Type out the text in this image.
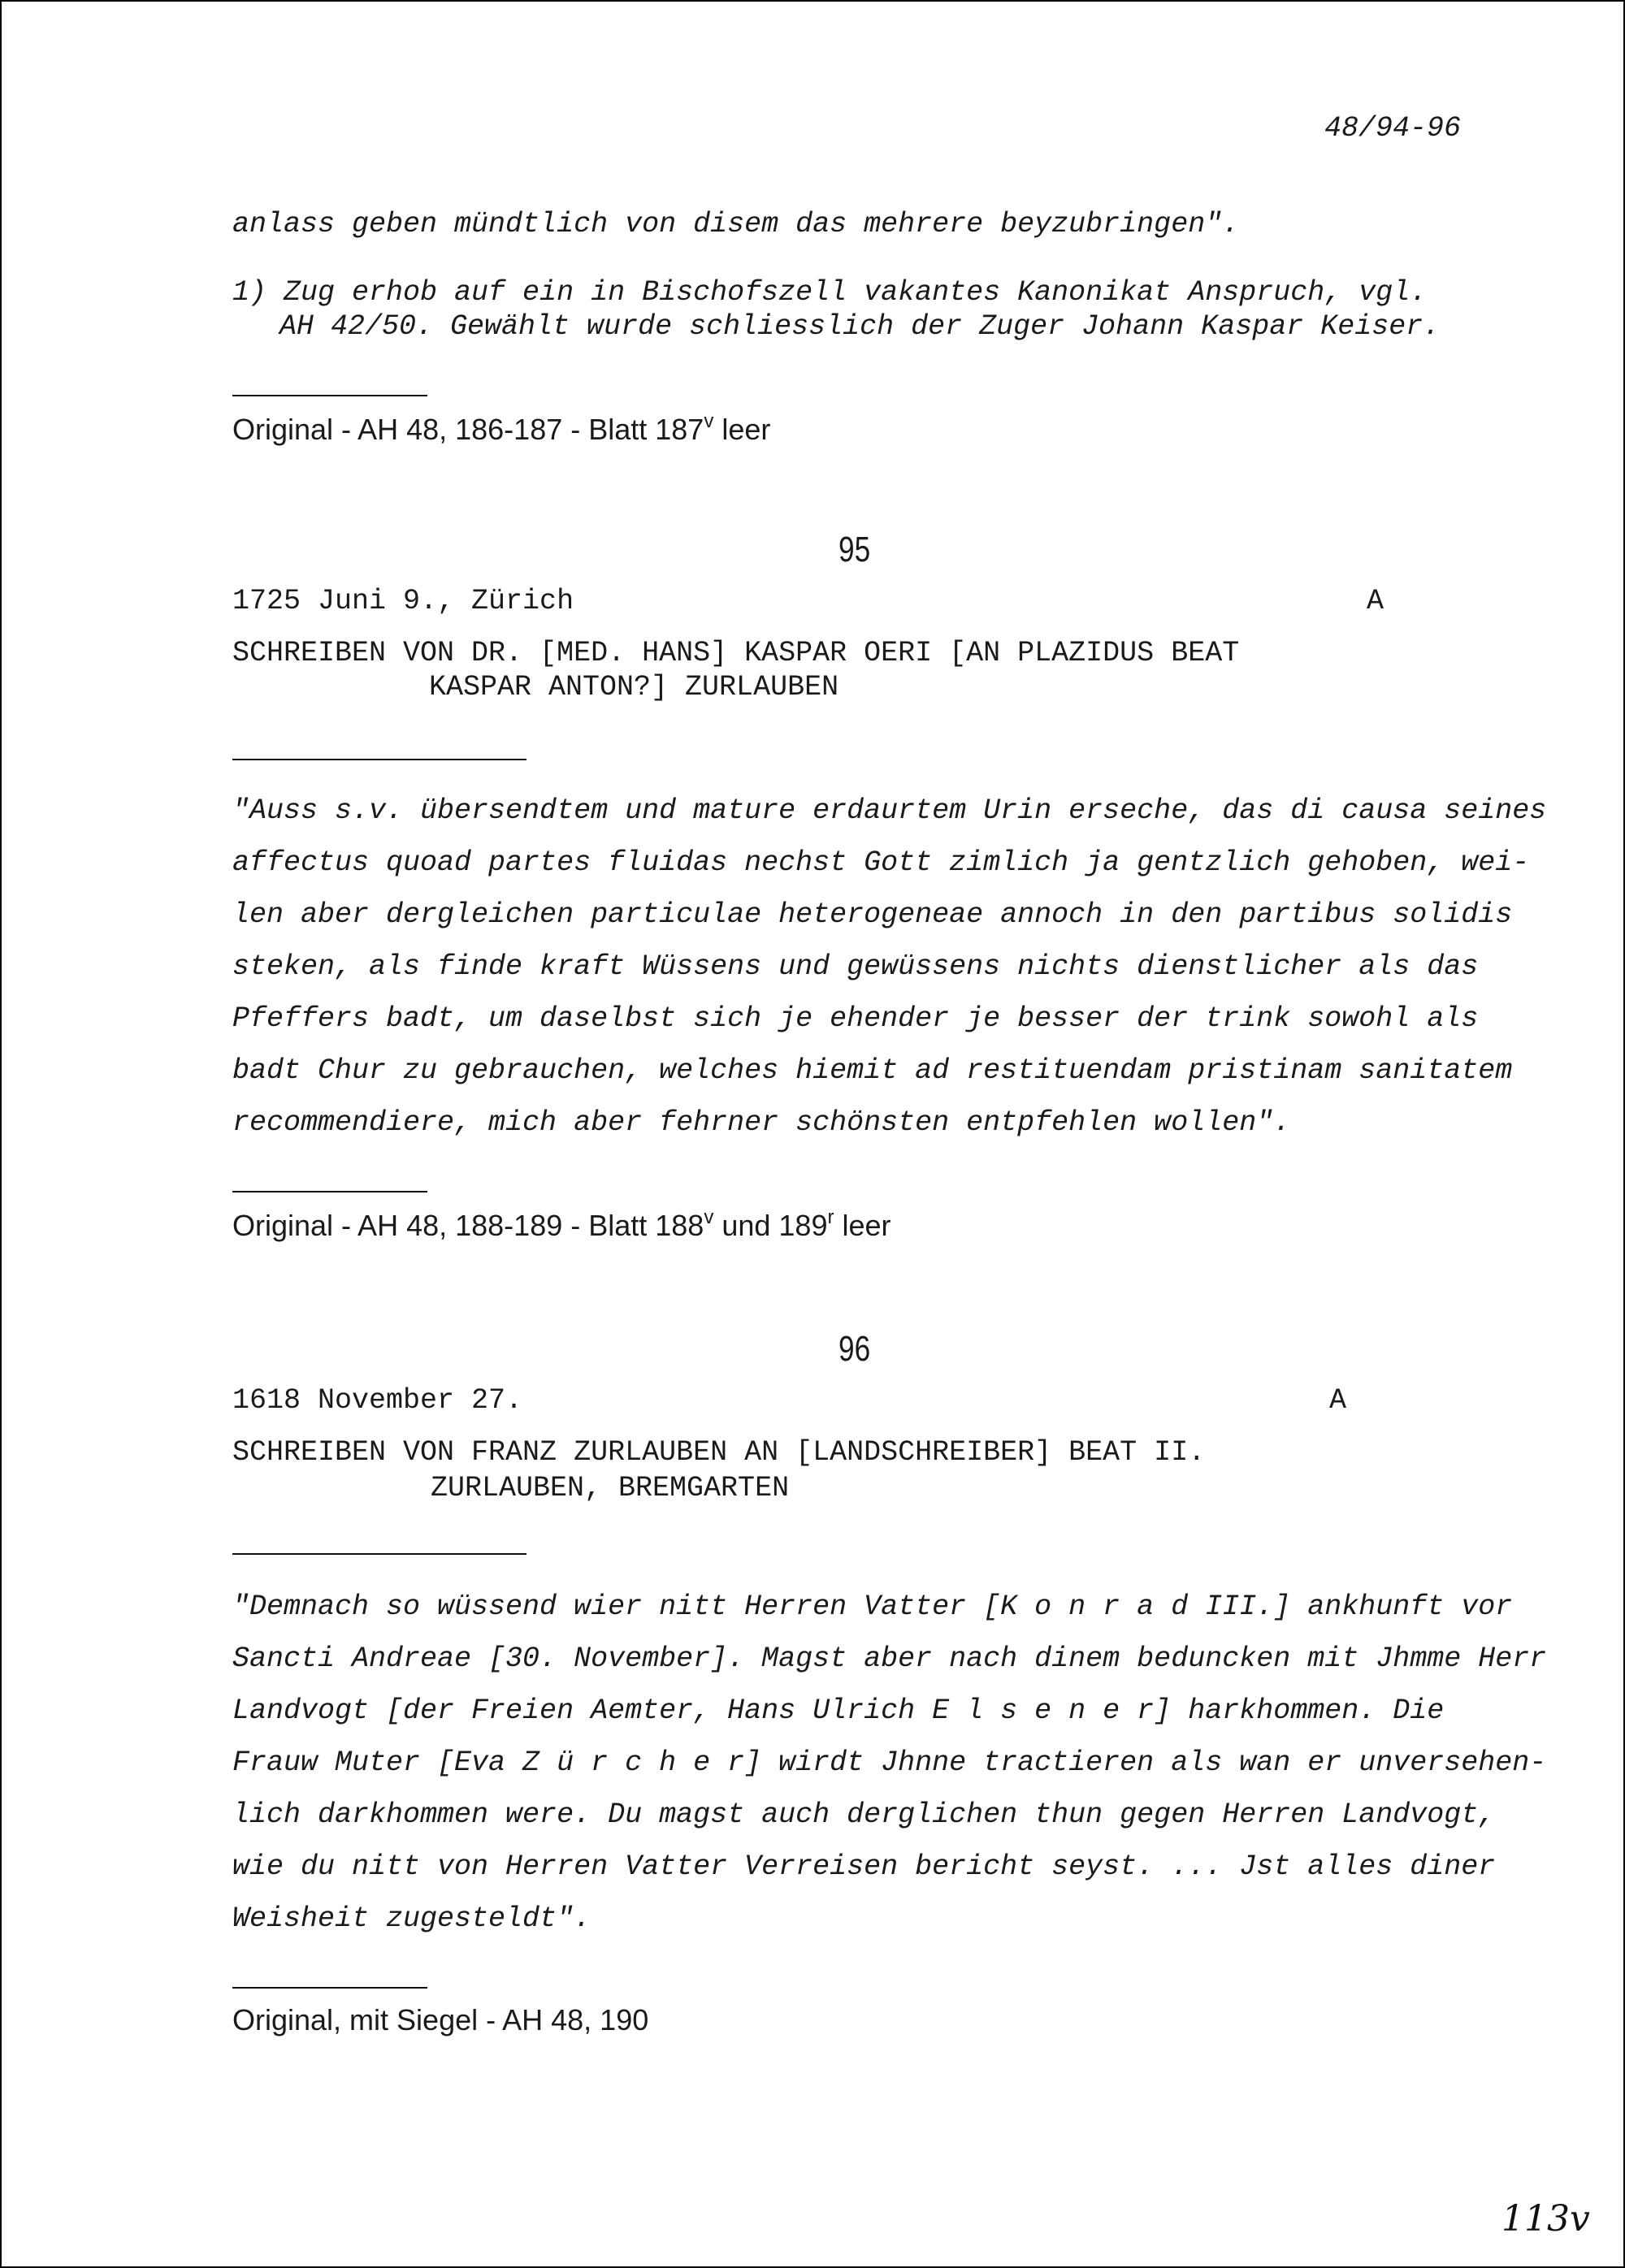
48/94-96
anlass geben mündtlich von disem das mehrere beyzubringen".
1) Zug erhob auf ein in Bischofszell vakantes Kanonikat Anspruch, vgl.
AH 42/50. Gewählt wurde schliesslich der Zuger Johann Kaspar Keiser.
Original - AH 48, 186-187 - Blatt 187$^v$ leer
95
1725 Juni 9., Zürich	A
SCHREIBEN VON DR. [MED. HANS] KASPAR OERI [AN PLAZIDUS BEAT
KASPAR ANTON?] ZURLAUBEN
"Auss s.v. übersendtem und mature erdaurtem Urin erseche, das di causa seines
affectus quoad partes fluidas nechst Gott zimlich ja gentzlich gehoben, wei-
len aber dergleichen particulae heterogeneae annoch in den partibus solidis
steken, als finde kraft Wüssens und gewüssens nichts dienstlicher als das
Pfeffers badt, um daselbst sich je ehender je besser der trink sowohl als
badt Chur zu gebrauchen, welches hiemit ad restituendam pristinam sanitatem
recommendiere, mich aber fehrner schönsten entpfehlen wollen".
Original - AH 48, 188-189 - Blatt 188$^v$ und 189$^r$ leer
96
1618 November 27.	A
SCHREIBEN VON FRANZ ZURLAUBEN AN [LANDSCHREIBER] BEAT II.
ZURLAUBEN, BREMGARTEN
"Demnach so wüssend wier nitt Herren Vatter [K o n r a d III.] ankhunft vor
Sancti Andreae [30. November]. Magst aber nach dinem beduncken mit Jhmme Herr
Landvogt [der Freien Aemter, Hans Ulrich E l s e n e r] harkhommen. Die
Frauw Muter [Eva Z ü r c h e r] wirdt Jhnne tractieren als wan er unversehen-
lich darkhommen were. Du magst auch derglichen thun gegen Herren Landvogt,
wie du nitt von Herren Vatter Verreisen bericht seyst. ... Jst alles diner
Weisheit zugesteldt".
Original, mit Siegel - AH 48, 190
113v
